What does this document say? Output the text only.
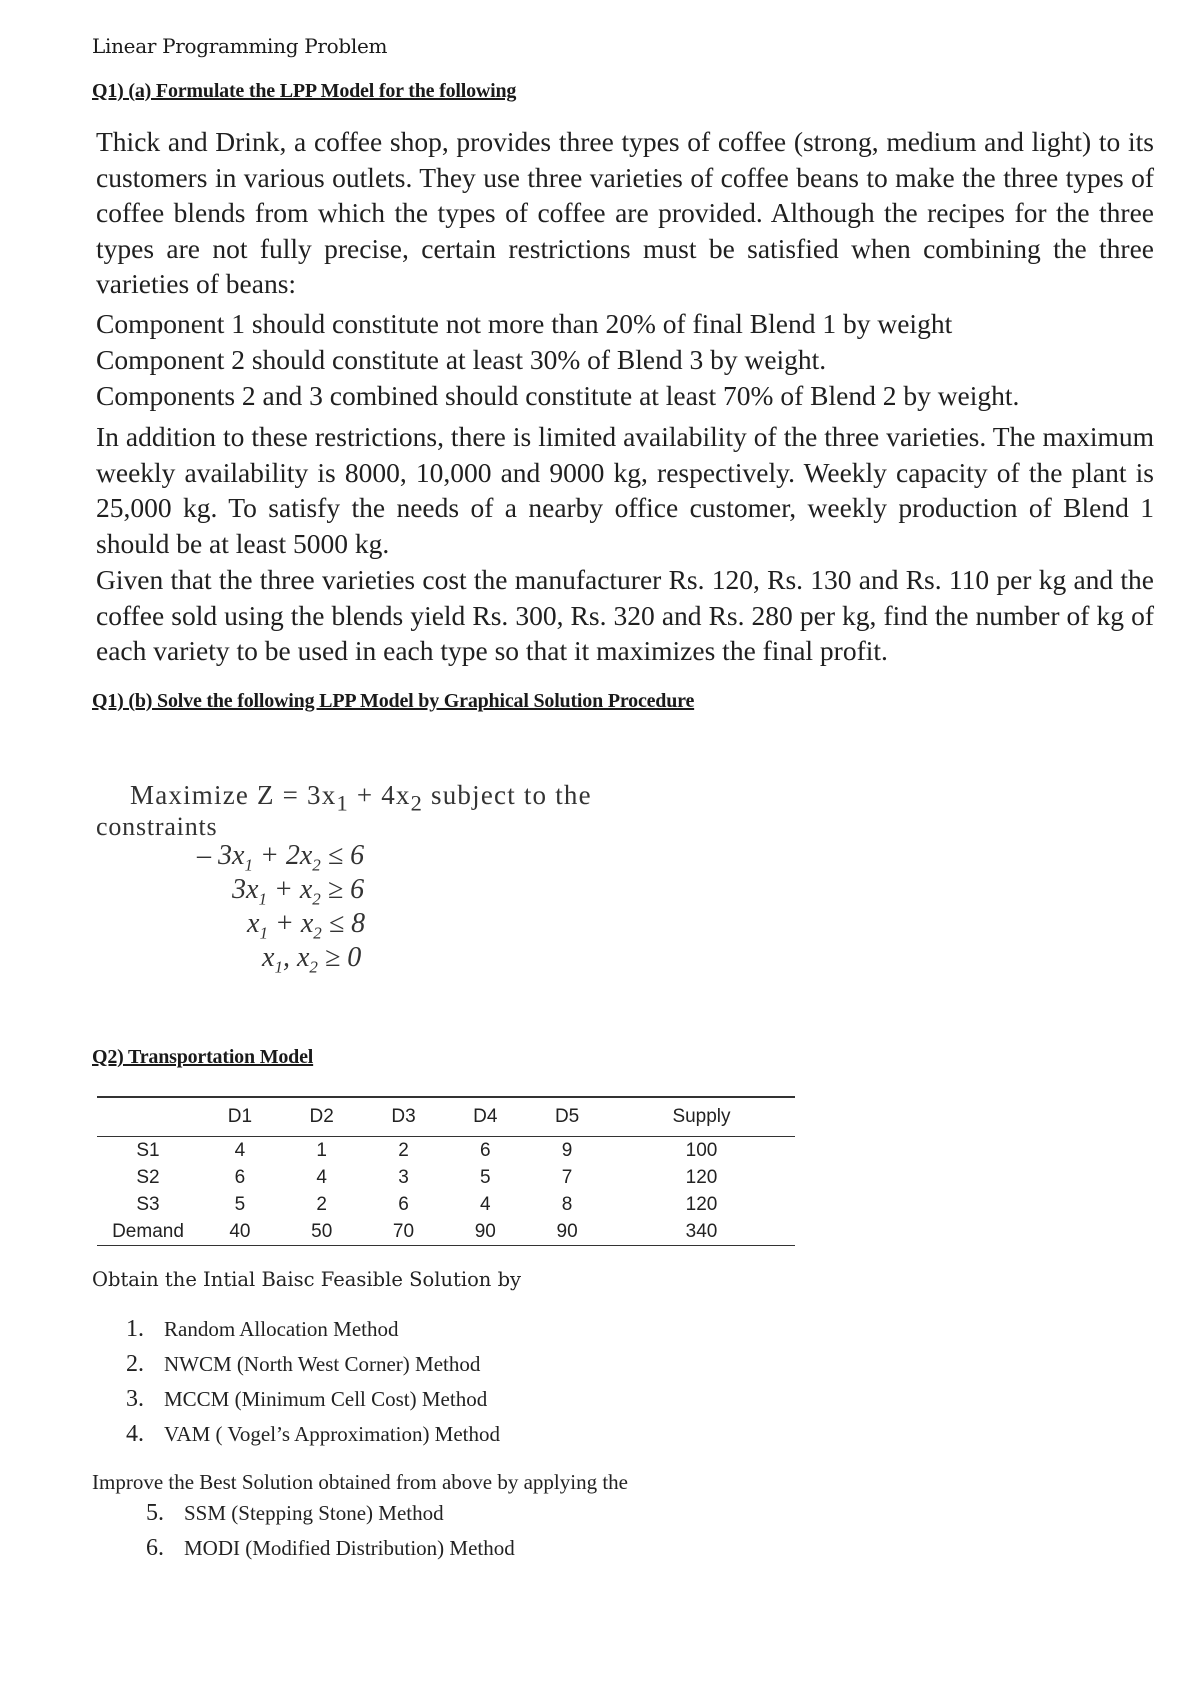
Linear Programming Problem
Q1) (a) Formulate the LPP Model for the following

Thick and Drink, a coffee shop, provides three types of coffee (strong, medium and light) to its customers in various outlets. They use three varieties of coffee beans to make the three types of coffee blends from which the types of coffee are provided. Although the recipes for the three types are not fully precise, certain restrictions must be satisfied when combining the three varieties of beans:

Component 1 should constitute not more than 20% of final Blend 1 by weight
Component 2 should constitute at least 30% of Blend 3 by weight.
Components 2 and 3 combined should constitute at least 70% of Blend 2 by weight.

In addition to these restrictions, there is limited availability of the three varieties. The maximum weekly availability is 8000, 10,000 and 9000 kg, respectively. Weekly capacity of the plant is 25,000 kg. To satisfy the needs of a nearby office customer, weekly production of Blend 1 should be at least 5000 kg.

Given that the three varieties cost the manufacturer Rs. 120, Rs. 130 and Rs. 110 per kg and the coffee sold using the blends yield Rs. 300, Rs. 320 and Rs. 280 per kg, find the number of kg of each variety to be used in each type so that it maximizes the final profit.

Q1) (b) Solve the following LPP Model by Graphical Solution Procedure
Maximize $Z = 3x_1 + 4x_2$ subject to the
constraints
– $3x_1 + 2x_2 \le 6$
$3x_1 + x_2 \ge 6$
$x_1 + x_2 \le 8$
$x_1$, $x_2 \ge 0$
Q2) Transportation Model
	D1	D2	D3	D4	D5	Supply
S1	4	1	2	6	9	100
S2	6	4	3	5	7	120
S3	5	2	6	4	8	120
Demand	40	50	70	90	90	340
Obtain the Intial Baisc Feasible Solution by
1. Random Allocation Method
2. NWCM (North West Corner) Method
3. MCCM (Minimum Cell Cost) Method
4. VAM ( Vogel’s Approximation) Method
Improve the Best Solution obtained from above by applying the
5. SSM (Stepping Stone) Method
6. MODI (Modified Distribution) Method
